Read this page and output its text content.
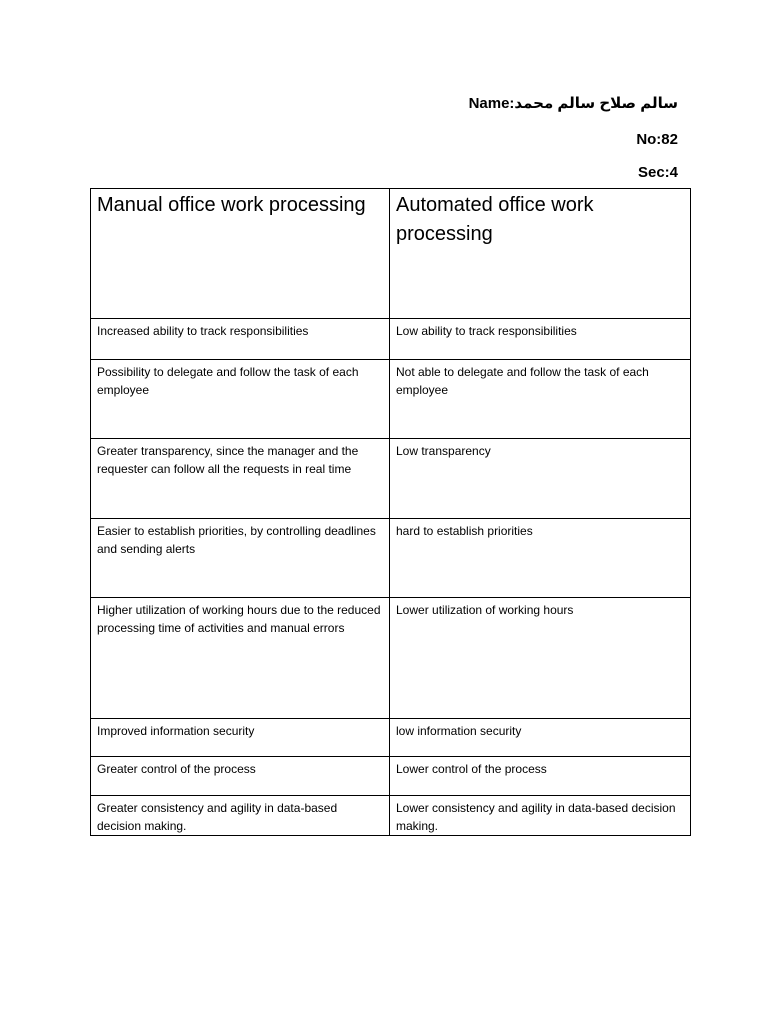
Name:سالم صلاح سالم محمد
No:82
Sec:4
Manual office work processing	Automated office work processing
Increased ability to track responsibilities	Low ability to track responsibilities
Possibility to delegate and follow the task of each employee	Not able to delegate and follow the task of each employee
Greater transparency, since the manager and the requester can follow all the requests in real time	Low transparency
Easier to establish priorities, by controlling deadlines and sending alerts	hard to establish priorities
Higher utilization of working hours due to the reduced processing time of activities and manual errors	Lower utilization of working hours
Improved information security	low information security
Greater control of the process	Lower control of the process
Greater consistency and agility in data-based decision making.	Lower consistency and agility in data-based decision making.
